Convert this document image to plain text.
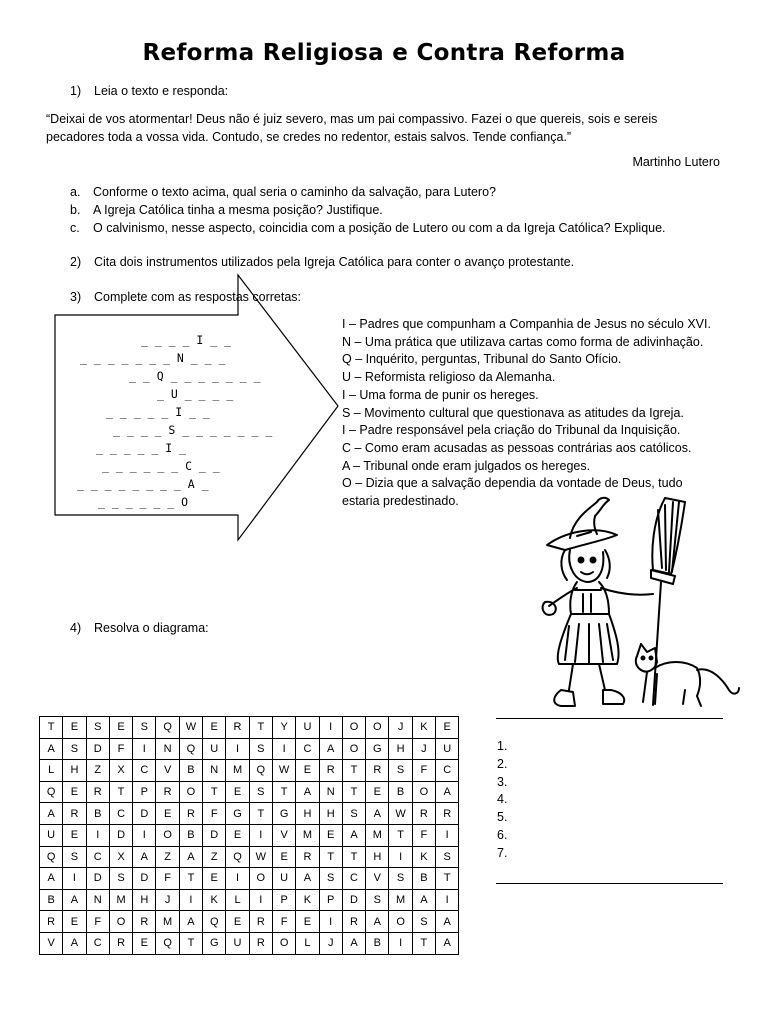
Reforma Religiosa e Contra Reforma
1) Leia o texto e responda:
“Deixai de vos atormentar! Deus não é juiz severo, mas um pai compassivo. Fazei o que quereis, sois e sereis
pecadores toda a vossa vida. Contudo, se credes no redentor, estais salvos. Tende confiança.”
Martinho Lutero
a. Conforme o texto acima, qual seria o caminho da salvação, para Lutero?
b. A Igreja Católica tinha a mesma posição? Justifique.
c. O calvinismo, nesse aspecto, coincidia com a posição de Lutero ou com a da Igreja Católica? Explique.
2) Cita dois instrumentos utilizados pela Igreja Católica para conter o avanço protestante.
3) Complete com as respostas corretas:
_ _ _ _ I _ _
_ _ _ _ _ _ _ N _ _ _
_ _ Q _ _ _ _ _ _ _
_ U _ _ _ _
_ _ _ _ _ I _ _
_ _ _ _ S _ _ _ _ _ _ _
_ _ _ _ _ I _
_ _ _ _ _ _ C _ _
_ _ _ _ _ _ _ _ A _
_ _ _ _ _ _ O
I – Padres que compunham a Companhia de Jesus no século XVI.
N – Uma prática que utilizava cartas como forma de adivinhação.
Q – Inquérito, perguntas, Tribunal do Santo Ofício.
U – Reformista religioso da Alemanha.
I – Uma forma de punir os hereges.
S – Movimento cultural que questionava as atitudes da Igreja.
I – Padre responsável pela criação do Tribunal da Inquisição.
C – Como eram acusadas as pessoas contrárias aos católicos.
A – Tribunal onde eram julgados os hereges.
O – Dizia que a salvação dependia da vontade de Deus, tudo
estaria predestinado.
4) Resolva o diagrama:
T	E	S	E	S	Q	W	E	R	T	Y	U	I	O	O	J	K	E
A	S	D	F	I	N	Q	U	I	S	I	C	A	O	G	H	J	U
L	H	Z	X	C	V	B	N	M	Q	W	E	R	T	R	S	F	C
Q	E	R	T	P	R	O	T	E	S	T	A	N	T	E	B	O	A
A	R	B	C	D	E	R	F	G	T	G	H	H	S	A	W	R	R
U	E	I	D	I	O	B	D	E	I	V	M	E	A	M	T	F	I
Q	S	C	X	A	Z	A	Z	Q	W	E	R	T	T	H	I	K	S
A	I	D	S	D	F	T	E	I	O	U	A	S	C	V	S	B	T
B	A	N	M	H	J	I	K	L	I	P	K	P	D	S	M	A	I
R	E	F	O	R	M	A	Q	E	R	F	E	I	R	A	O	S	A
V	A	C	R	E	Q	T	G	U	R	O	L	J	A	B	I	T	A
1.
2.
3.
4.
5.
6.
7.
